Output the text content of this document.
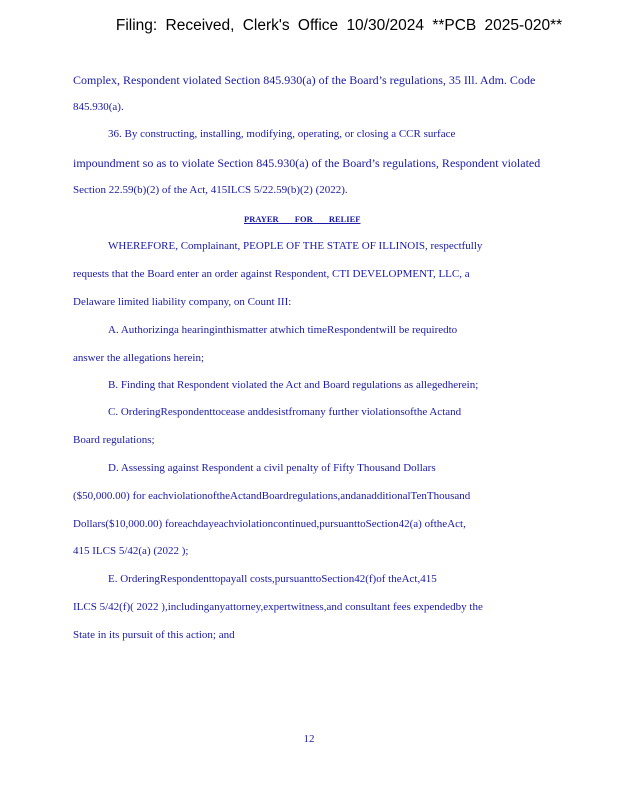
Filing: Received, Clerk's Office 10/30/2024 **PCB 2025-020**
Complex, Respondent violated Section 845.930(a) of the Board’s regulations, 35 Ill. Adm. Code
845.930(a).
36. By constructing, installing, modifying, operating, or closing a CCR surface
impoundment so as to violate Section 845.930(a) of the Board’s regulations, Respondent violated
Section 22.59(b)(2) of the Act, 415ILCS 5/22.59(b)(2) (2022).
PRAYER FOR RELIEF
WHEREFORE, Complainant, PEOPLE OF THE STATE OF ILLINOIS, respectfully
requests that the Board enter an order against Respondent, CTI DEVELOPMENT, LLC, a
Delaware limited liability company, on Count III:
A. Authorizinga hearinginthismatter atwhich timeRespondentwill be requiredto
answer the allegations herein;
B. Finding that Respondent violated the Act and Board regulations as allegedherein;
C. OrderingRespondenttocease anddesistfromany further violationsofthe Actand
Board regulations;
D. Assessing against Respondent a civil penalty of Fifty Thousand Dollars
($50,000.00) for eachviolationoftheActandBoardregulations,andanadditionalTenThousand
Dollars($10,000.00) foreachdayeachviolationcontinued,pursuanttoSection42(a) oftheAct,
415 ILCS 5/42(a) (2022 );
E. OrderingRespondenttopayall costs,pursuanttoSection42(f)of theAct,415
ILCS 5/42(f)( 2022 ),includinganyattorney,expertwitness,and consultant fees expendedby the
State in its pursuit of this action; and
12
